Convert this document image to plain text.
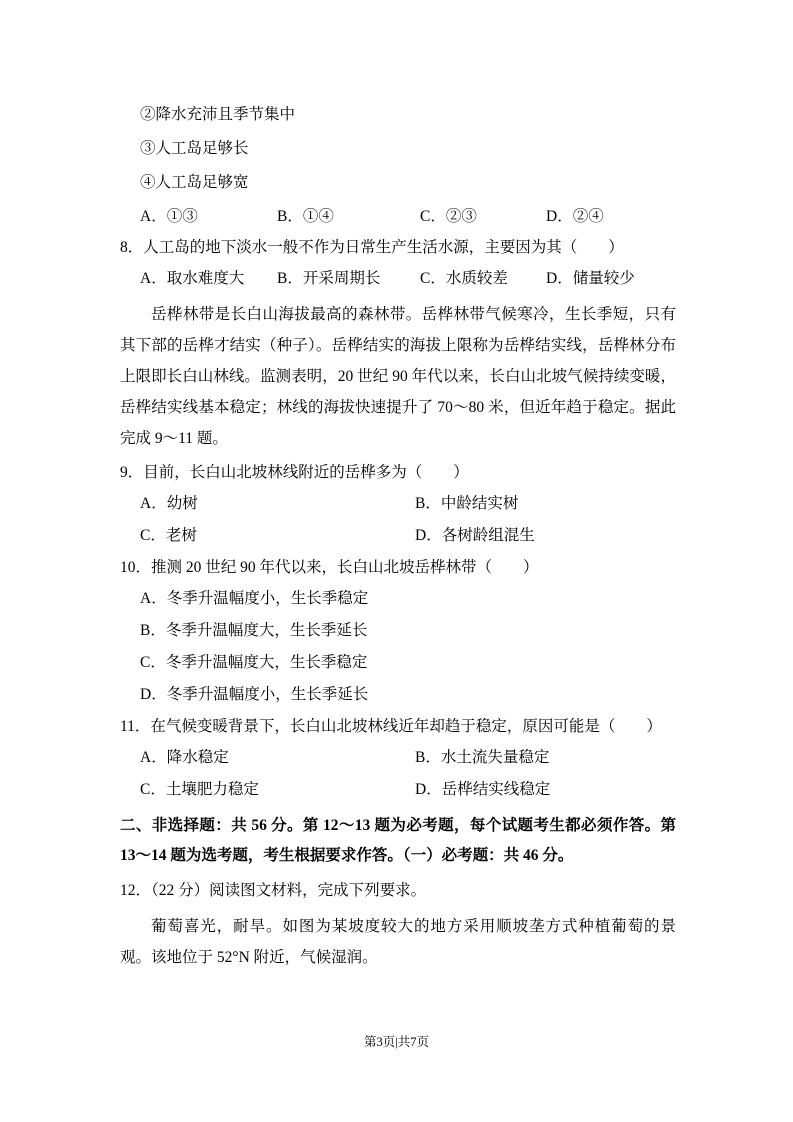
②降水充沛且季节集中
③人工岛足够长
④人工岛足够宽
A．①③	B．①④	C．②③	D．②④
8．人工岛的地下淡水一般不作为日常生产生活水源，主要因为其（　　）
A．取水难度大	B．开采周期长	C．水质较差	D．储量较少
岳桦林带是长白山海拔最高的森林带。岳桦林带气候寒冷，生长季短，只有其下部的岳桦才结实（种子）。岳桦结实的海拔上限称为岳桦结实线，岳桦林分布上限即长白山林线。监测表明，20 世纪 90 年代以来，长白山北坡气候持续变暖，岳桦结实线基本稳定；林线的海拔快速提升了 70～80 米，但近年趋于稳定。据此完成 9～11 题。
9．目前，长白山北坡林线附近的岳桦多为（　　）
A．幼树	B．中龄结实树
C．老树	D．各树龄组混生
10．推测 20 世纪 90 年代以来，长白山北坡岳桦林带（　　）
A．冬季升温幅度小，生长季稳定
B．冬季升温幅度大，生长季延长
C．冬季升温幅度大，生长季稳定
D．冬季升温幅度小，生长季延长
11．在气候变暖背景下，长白山北坡林线近年却趋于稳定，原因可能是（　　）
A．降水稳定	B．水土流失量稳定
C．土壤肥力稳定	D．岳桦结实线稳定
二、非选择题：共 56 分。第 12～13 题为必考题，每个试题考生都必须作答。第 13～14 题为选考题，考生根据要求作答。（一）必考题：共 46 分。
12．（22 分）阅读图文材料，完成下列要求。
葡萄喜光，耐旱。如图为某坡度较大的地方采用顺坡垄方式种植葡萄的景观。该地位于 52°N 附近，气候湿润。
第3页|共7页
